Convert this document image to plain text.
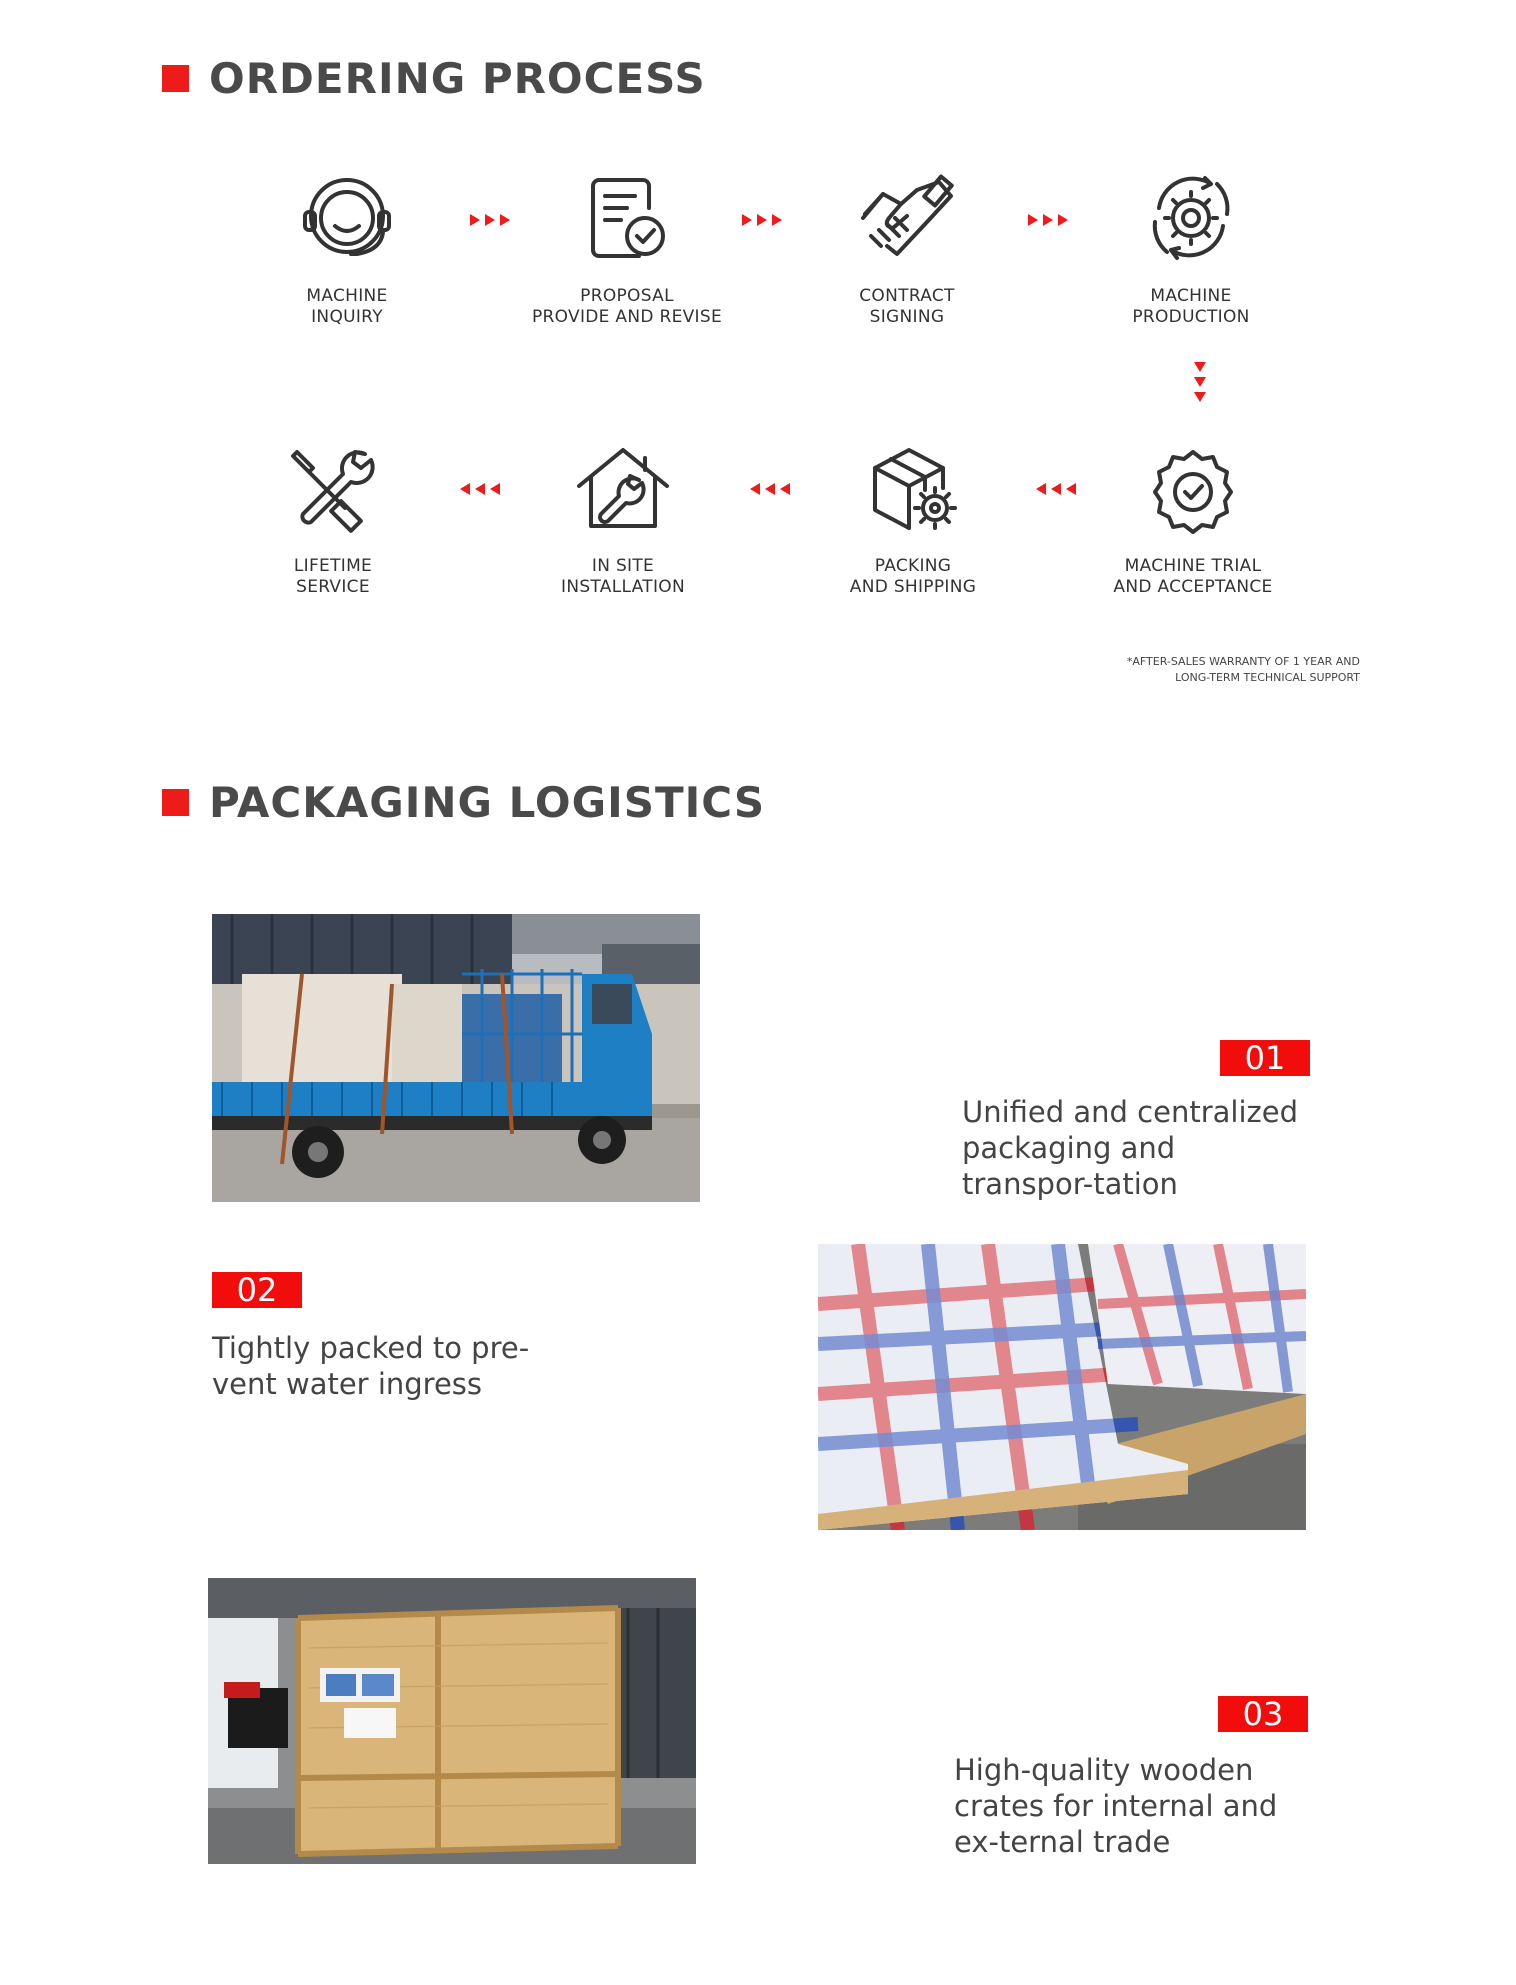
ORDERING PROCESS
MACHINE
INQUIRY
PROPOSAL
PROVIDE AND REVISE
CONTRACT
SIGNING
MACHINE
PRODUCTION
LIFETIME
SERVICE
IN SITE
INSTALLATION
PACKING
AND SHIPPING
MACHINE TRIAL
AND ACCEPTANCE
*AFTER-SALES WARRANTY OF 1 YEAR AND
LONG-TERM TECHNICAL SUPPORT
PACKAGING LOGISTICS
01
Unified and centralized packaging and transpor-tation
02
Tightly packed to pre-vent water ingress
03
High-quality wooden crates for internal and ex-ternal trade
